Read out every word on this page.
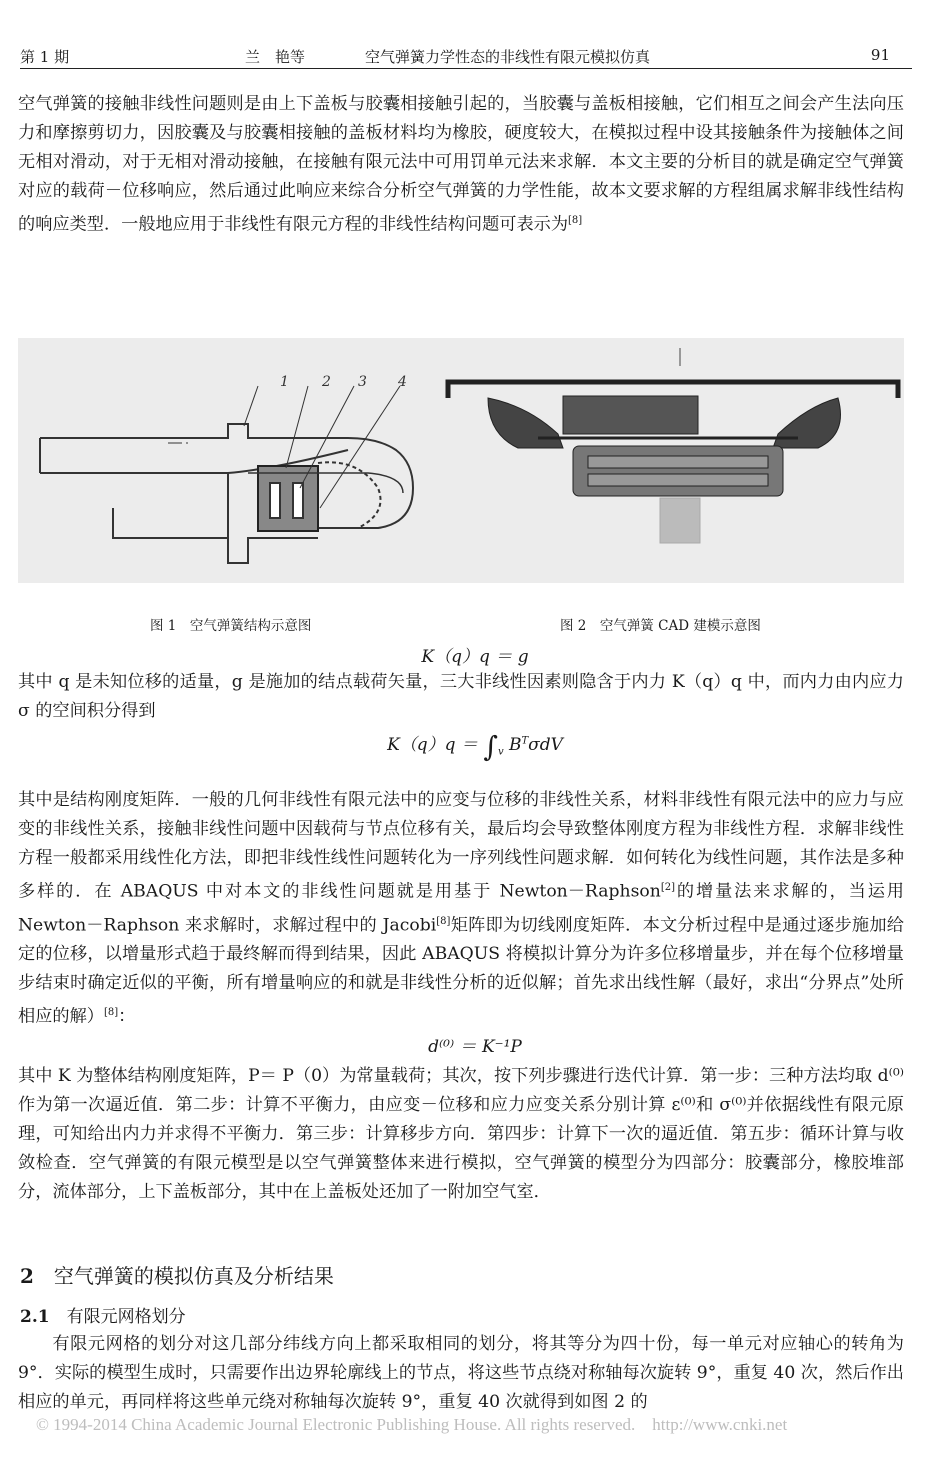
第 1 期	兰　艳等	空气弹簧力学性态的非线性有限元模拟仿真	91

空气弹簧的接触非线性问题则是由上下盖板与胶囊相接触引起的，当胶囊与盖板相接触，它们相互之间会产生法向压力和摩擦剪切力，因胶囊及与胶囊相接触的盖板材料均为橡胶，硬度较大，在模拟过程中设其接触条件为接触体之间无相对滑动，对于无相对滑动接触，在接触有限元法中可用罚单元法来求解．本文主要的分析目的就是确定空气弹簧对应的载荷－位移响应，然后通过此响应来综合分析空气弹簧的力学性能，故本文要求解的方程组属求解非线性结构的响应类型．一般地应用于非线性有限元方程的非线性结构问题可表示为[8]

1 2 3 4
图 1　空气弹簧结构示意图	图 2　空气弹簧 CAD 建模示意图
K（q）q ＝ g

其中 q 是未知位移的适量，g 是施加的结点载荷矢量，三大非线性因素则隐含于内力 K（q）q 中，而内力由内应力 σ 的空间积分得到

$K(q)q = \int_v$ $B^T\sigma dV$

其中是结构刚度矩阵．一般的几何非线性有限元法中的应变与位移的非线性关系，材料非线性有限元法中的应力与应变的非线性关系，接触非线性问题中因载荷与节点位移有关，最后均会导致整体刚度方程为非线性方程．求解非线性方程一般都采用线性化方法，即把非线性线性问题转化为一序列线性问题求解．如何转化为线性问题，其作法是多种多样的．在 ABAQUS 中对本文的非线性问题就是用基于 Newton－Raphson[2]的增量法来求解的，当运用 Newton－Raphson 来求解时，求解过程中的 Jacobi[8]矩阵即为切线刚度矩阵．本文分析过程中是通过逐步施加给定的位移，以增量形式趋于最终解而得到结果，因此 ABAQUS 将模拟计算分为许多位移增量步，并在每个位移增量步结束时确定近似的平衡，所有增量响应的和就是非线性分析的近似解；首先求出线性解（最好，求出“分界点”处所相应的解）[8]：

d⁽⁰⁾ ＝ K⁻¹P

其中 K 为整体结构刚度矩阵，P＝ P（0）为常量载荷；其次，按下列步骤进行迭代计算．第一步：三种方法均取 d⁽⁰⁾作为第一次逼近值．第二步：计算不平衡力，由应变－位移和应力应变关系分别计算 ε⁽⁰⁾和 σ⁽⁰⁾并依据线性有限元原理，可知给出内力并求得不平衡力．第三步：计算移步方向．第四步：计算下一次的逼近值．第五步：循环计算与收敛检查．空气弹簧的有限元模型是以空气弹簧整体来进行模拟，空气弹簧的模型分为四部分：胶囊部分，橡胶堆部分，流体部分，上下盖板部分，其中在上盖板处还加了一附加空气室．

2　 空气弹簧的模拟仿真及分析结果
2.1　 有限元网格划分

有限元网格的划分对这几部分纬线方向上都采取相同的划分，将其等分为四十份，每一单元对应轴心的转角为 9°．实际的模型生成时，只需要作出边界轮廓线上的节点，将这些节点绕对称轴每次旋转 9°，重复 40 次，然后作出相应的单元，再同样将这些单元绕对称轴每次旋转 9°，重复 40 次就得到如图 2 的

© 1994-2014 China Academic Journal Electronic Publishing House. All rights reserved.　http://www.cnki.net
